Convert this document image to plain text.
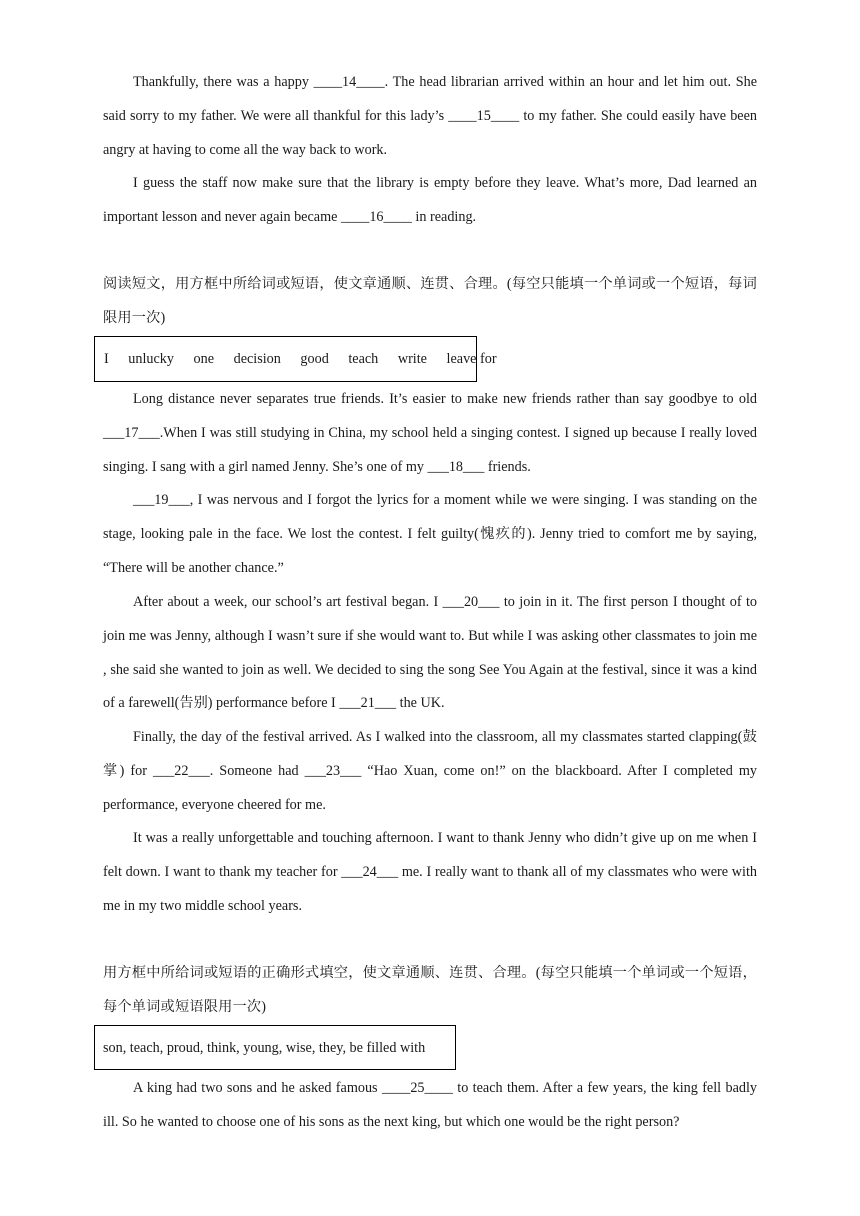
Thankfully, there was a happy ____14____. The head librarian arrived within an hour and let him out. She said sorry to my father. We were all thankful for this lady’s ____15____ to my father. She could easily have been angry at having to come all the way back to work.

I guess the staff now make sure that the library is empty before they leave. What’s more, Dad learned an important lesson and never again became ____16____ in reading.

阅读短文，用方框中所给词或短语，使文章通顺、连贯、合理。(每空只能填一个单词或一个短语，每词限用一次)

I unlucky one decision good teach write leave for

Long distance never separates true friends. It’s easier to make new friends rather than say goodbye to old ___17___.When I was still studying in China, my school held a singing contest. I signed up because I really loved singing. I sang with a girl named Jenny. She’s one of my ___18___ friends.

___19___, I was nervous and I forgot the lyrics for a moment while we were singing. I was standing on the stage, looking pale in the face. We lost the contest. I felt guilty(愧疚的). Jenny tried to comfort me by saying, “There will be another chance.”

After about a week, our school’s art festival began. I ___20___ to join in it. The first person I thought of to join me was Jenny, although I wasn’t sure if she would want to. But while I was asking other classmates to join me , she said she wanted to join as well. We decided to sing the song See You Again at the festival, since it was a kind of a farewell(告别) performance before I ___21___ the UK.

Finally, the day of the festival arrived. As I walked into the classroom, all my classmates started clapping(鼓掌) for ___22___. Someone had ___23___ “Hao Xuan, come on!” on the blackboard. After I completed my performance, everyone cheered for me.

It was a really unforgettable and touching afternoon. I want to thank Jenny who didn’t give up on me when I felt down. I want to thank my teacher for ___24___ me. I really want to thank all of my classmates who were with me in my two middle school years.

用方框中所给词或短语的正确形式填空，使文章通顺、连贯、合理。(每空只能填一个单词或一个短语，每个单词或短语限用一次)

son, teach, proud, think, young, wise, they, be filled with

A king had two sons and he asked famous ____25____ to teach them. After a few years, the king fell badly ill. So he wanted to choose one of his sons as the next king, but which one would be the right person?
